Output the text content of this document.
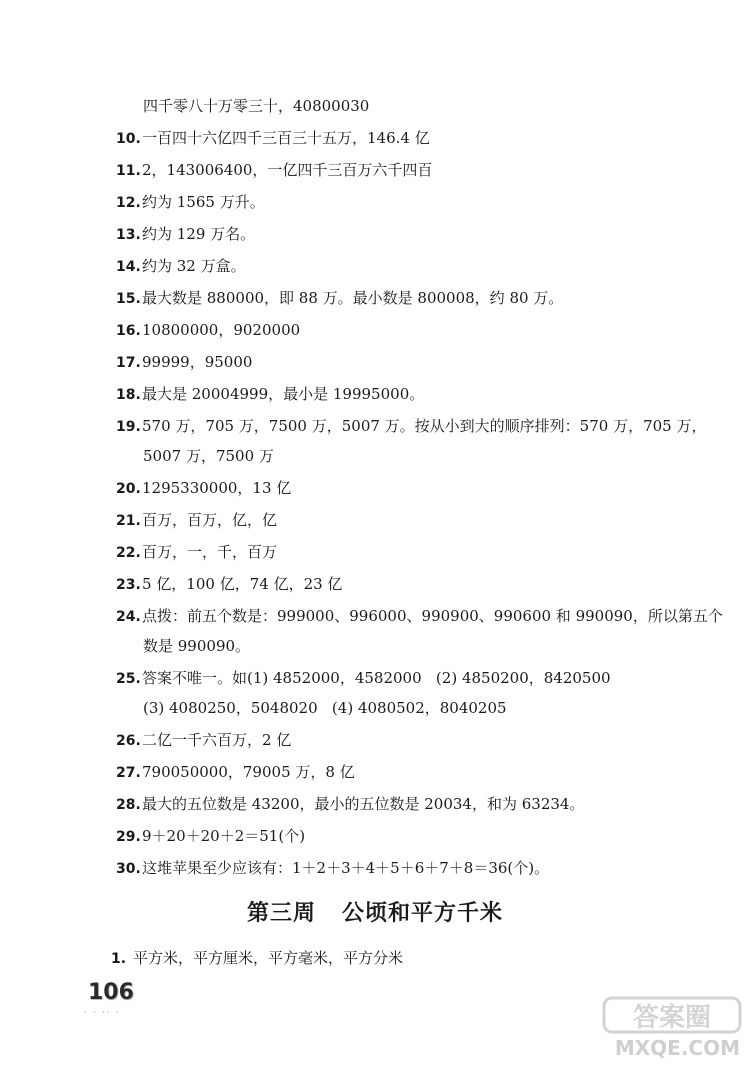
四千零八十万零三十，40800030
10.一百四十六亿四千三百三十五万，146.4 亿
11.2，143006400，一亿四千三百万六千四百
12.约为 1565 万升。
13.约为 129 万名。
14.约为 32 万盒。
15.最大数是 880000，即 88 万。最小数是 800008，约 80 万。
16.10800000，9020000
17.99999，95000
18.最大是 20004999，最小是 19995000。
19.570 万，705 万，7500 万，5007 万。按从小到大的顺序排列：570 万，705 万，
5007 万，7500 万
20.1295330000，13 亿
21.百万，百万，亿，亿
22.百万，一，千，百万
23.5 亿，100 亿，74 亿，23 亿
24.点拨：前五个数是：999000、996000、990900、990600 和 990090，所以第五个
数是 990090。
25.答案不唯一。如(1) 4852000，4582000   (2) 4850200，8420500
(3) 4080250，5048020   (4) 4080502，8040205
26.二亿一千六百万，2 亿
27.790050000，79005 万，8 亿
28.最大的五位数是 43200，最小的五位数是 20034，和为 63234。
29.9＋20＋20＋2＝51(个)
30.这堆苹果至少应该有：1＋2＋3＋4＋5＋6＋7＋8＝36(个)。
第三周   公顷和平方千米
1. 平方米，平方厘米，平方毫米，平方分米
106
· · ·· ·	答案圈
MXQE.COM
